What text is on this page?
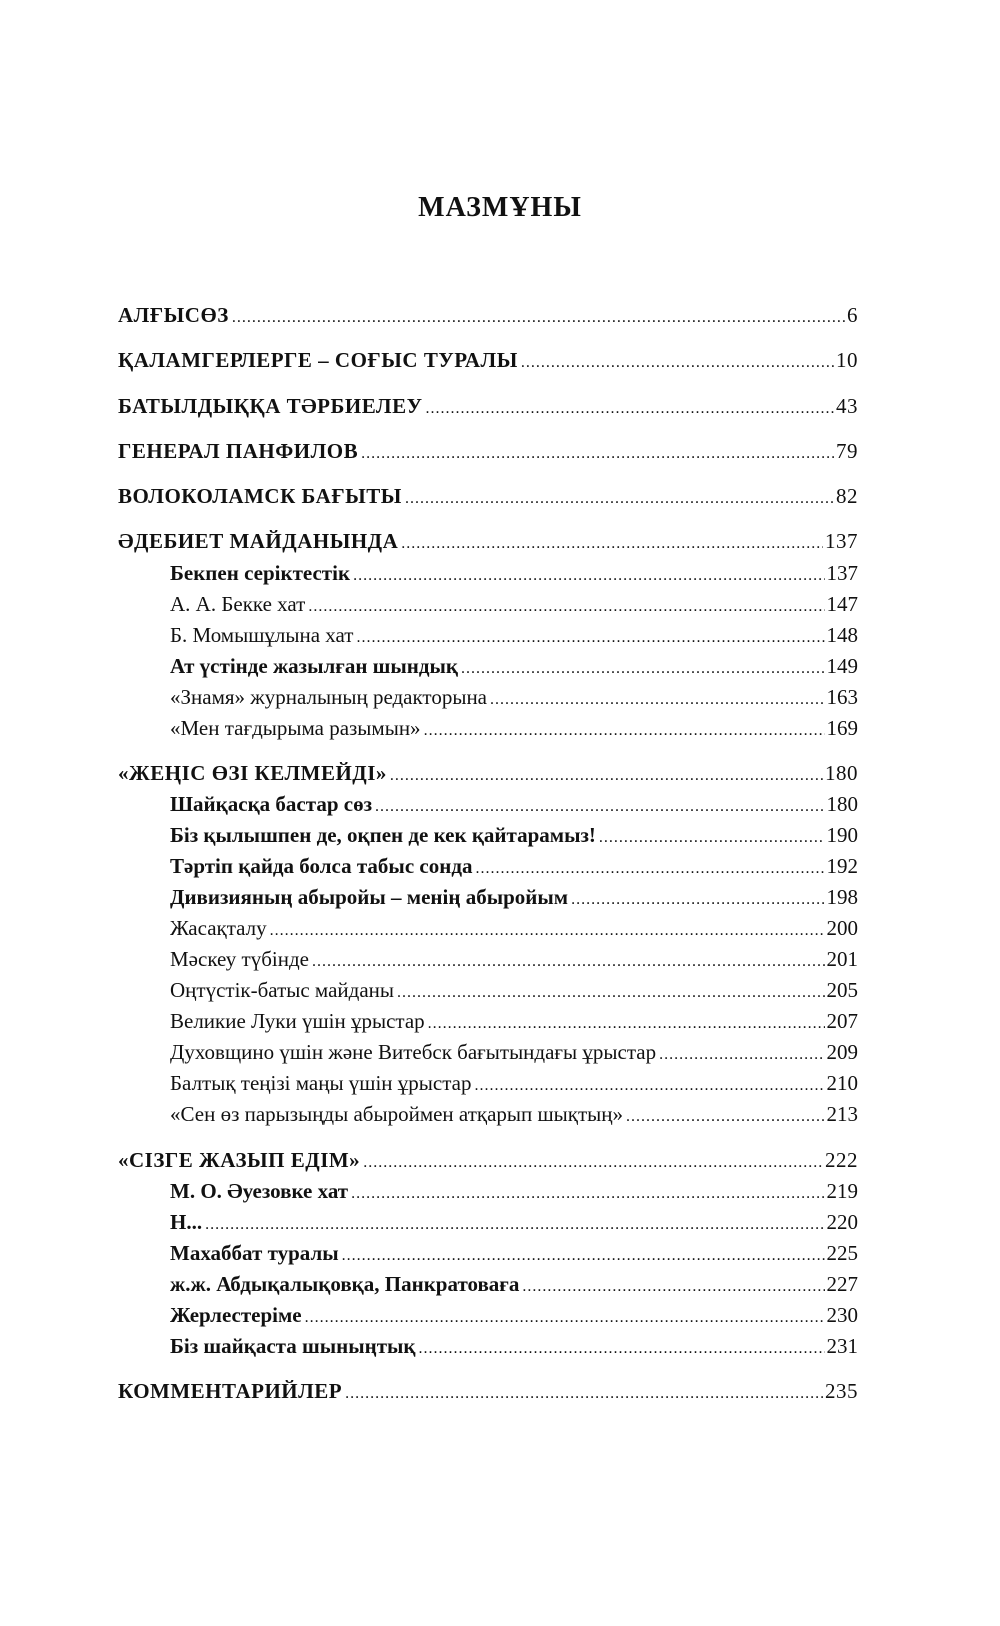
МАЗМҰНЫ
АЛҒЫСӨЗ .....	6
ҚАЛАМГЕРЛЕРГЕ – СОҒЫС ТУРАЛЫ .....	10
БАТЫЛДЫҚҚА ТӘРБИЕЛЕУ .....	43
ГЕНЕРАЛ ПАНФИЛОВ .....	79
ВОЛОКОЛАМСК БАҒЫТЫ .....	82
ӘДЕБИЕТ МАЙДАНЫНДА .....	137
Бекпен серіктестік .....	137
А. А. Бекке хат .....	147
Б. Момышұлына хат .....	148
Ат үстінде жазылған шындық .....	149
«Знамя» журналының редакторына .....	163
«Мен тағдырыма разымын» .....	169
«ЖЕҢІС ӨЗІ КЕЛМЕЙДІ» .....	180
Шайқасқа бастар сөз .....	180
Біз қылышпен де, оқпен де кек қайтарамыз! .....	190
Тәртіп қайда болса табыс сонда .....	192
Дивизияның абыройы – менің абыройым .....	198
Жасақталу .....	200
Мәскеу түбінде .....	201
Оңтүстік-батыс майданы .....	205
Великие Луки үшін ұрыстар .....	207
Духовщино үшін және Витебск бағытындағы ұрыстар .....	209
Балтық теңізі маңы үшін ұрыстар .....	210
«Сен өз парызыңды абыроймен атқарып шықтың» .....	213
«СІЗГЕ ЖАЗЫП ЕДІМ» .....	222
М. О. Әуезовке хат .....	219
Н... .....	220
Махаббат туралы .....	225
ж.ж. Абдықалықовқа, Панкратоваға .....	227
Жерлестеріме .....	230
Біз шайқаста шыныңтық .....	231
КОММЕНТАРИЙЛЕР .....	235
